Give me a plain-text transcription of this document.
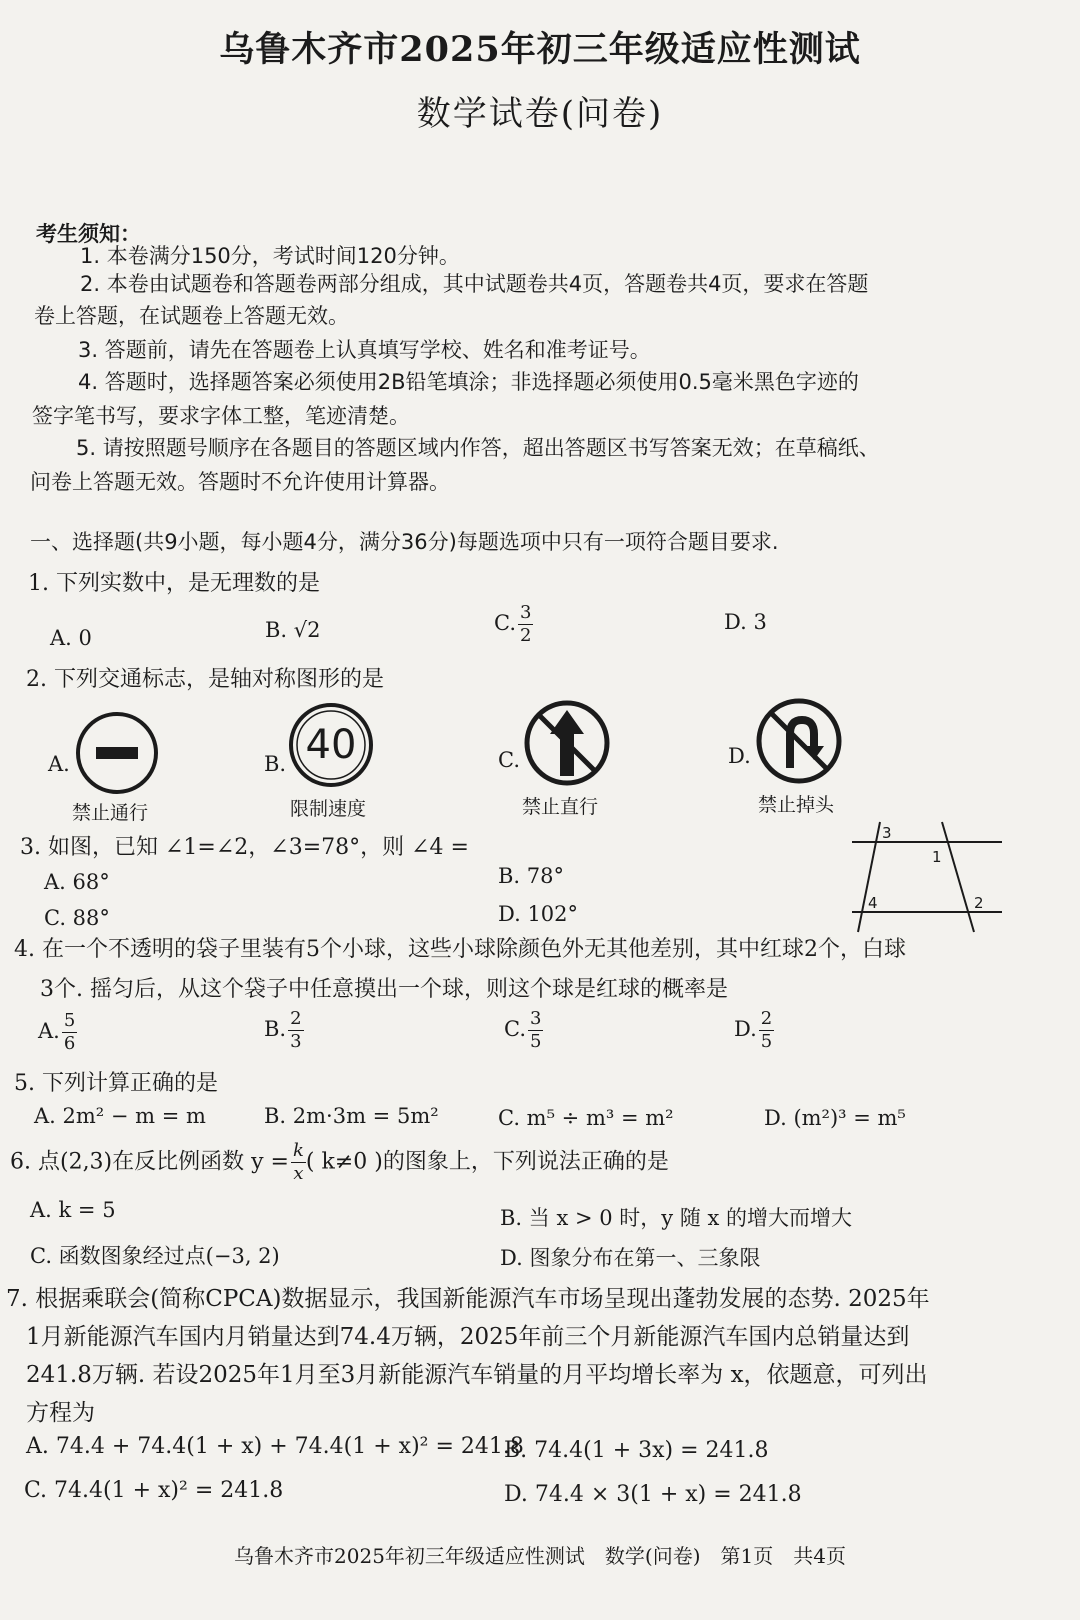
乌鲁木齐市2025年初三年级适应性测试
数学试卷(问卷)
考生须知：
1. 本卷满分150分，考试时间120分钟。
2. 本卷由试题卷和答题卷两部分组成，其中试题卷共4页，答题卷共4页，要求在答题
卷上答题，在试题卷上答题无效。
3. 答题前，请先在答题卷上认真填写学校、姓名和准考证号。
4. 答题时，选择题答案必须使用2B铅笔填涂；非选择题必须使用0.5毫米黑色字迹的
签字笔书写，要求字体工整，笔迹清楚。
5. 请按照题号顺序在各题目的答题区域内作答，超出答题区书写答案无效；在草稿纸、
问卷上答题无效。答题时不允许使用计算器。
一、选择题(共9小题，每小题4分，满分36分)每题选项中只有一项符合题目要求.
1. 下列实数中，是无理数的是
A. 0	B. √2	C. $\frac{3}{2}$	D. 3
2. 下列交通标志，是轴对称图形的是
A.
禁止通行
B. 40
限制速度
C.
禁止直行
D.
禁止掉头
3. 如图，已知 ∠1=∠2，∠3=78°，则 ∠4 =
A. 68°	B. 78°
C. 88°	D. 102°
3
1
4	2
4. 在一个不透明的袋子里装有5个小球，这些小球除颜色外无其他差别，其中红球2个，白球
3个. 摇匀后，从这个袋子中任意摸出一个球，则这个球是红球的概率是
A. $\frac{5}{6}$	B. $\frac{2}{3}$	C. $\frac{3}{5}$	D. $\frac{2}{5}$
5. 下列计算正确的是
A. 2m² − m = m	B. 2m·3m = 5m²	C. m⁵ ÷ m³ = m²	D. (m²)³ = m⁵
6. 点(2,3)在反比例函数 $y = \frac{k}{x}$ ( k≠0 )的图象上，下列说法正确的是
A. k = 5	B. 当 x > 0 时，y 随 x 的增大而增大
C. 函数图象经过点(−3, 2)	D. 图象分布在第一、三象限
7. 根据乘联会(简称CPCA)数据显示，我国新能源汽车市场呈现出蓬勃发展的态势. 2025年
1月新能源汽车国内月销量达到74.4万辆，2025年前三个月新能源汽车国内总销量达到
241.8万辆. 若设2025年1月至3月新能源汽车销量的月平均增长率为 x，依题意，可列出
方程为
A. 74.4 + 74.4(1 + x) + 74.4(1 + x)² = 241.8
B. 74.4(1 + 3x) = 241.8
C. 74.4(1 + x)² = 241.8	D. 74.4 × 3(1 + x) = 241.8
乌鲁木齐市2025年初三年级适应性测试　数学(问卷)　第1页　共4页
